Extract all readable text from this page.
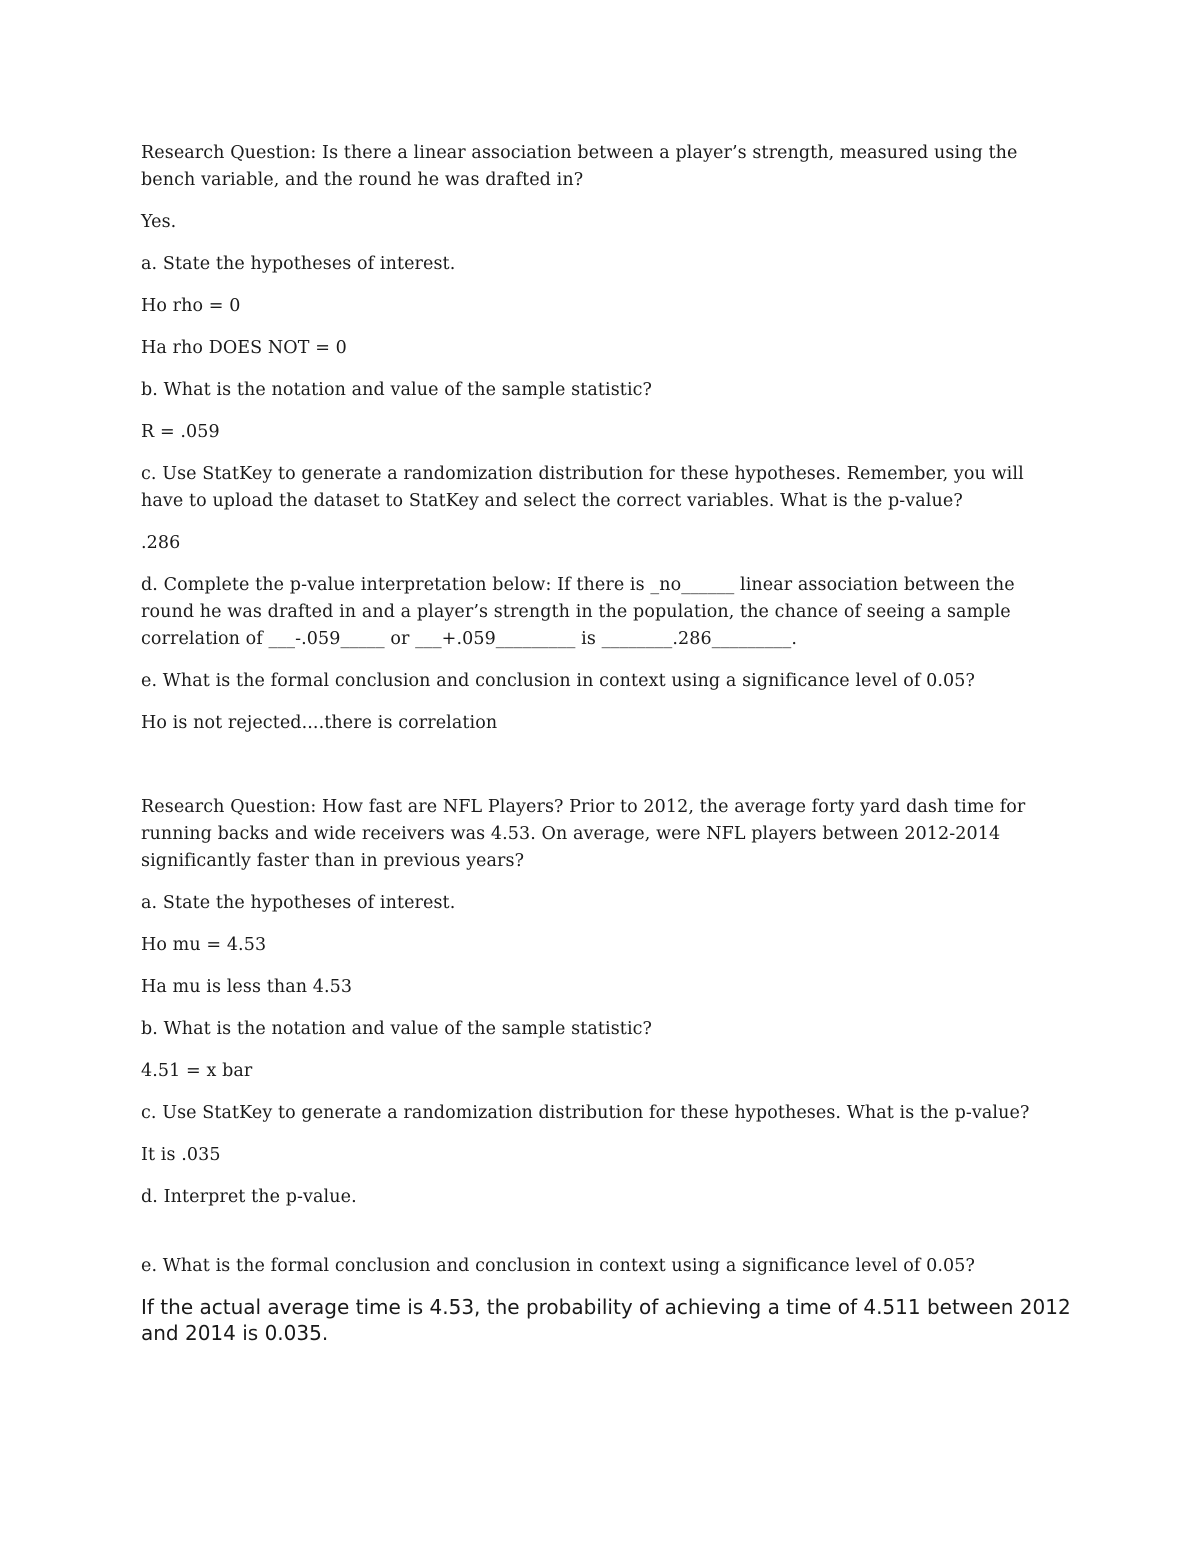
Research Question: Is there a linear association between a player’s strength, measured using the bench variable, and the round he was drafted in?

Yes.

a. State the hypotheses of interest.

Ho rho = 0

Ha rho DOES NOT = 0

b. What is the notation and value of the sample statistic?

R = .059

c. Use StatKey to generate a randomization distribution for these hypotheses. Remember, you will have to upload the dataset to StatKey and select the correct variables. What is the p-value?

.286

d. Complete the p-value interpretation below: If there is _no______ linear association between the round he was drafted in and a player’s strength in the population, the chance of seeing a sample correlation of ___-.059_____ or ___+.059_________ is ________.286_________.

e. What is the formal conclusion and conclusion in context using a significance level of 0.05?

Ho is not rejected....there is correlation

Research Question: How fast are NFL Players? Prior to 2012, the average forty yard dash time for running backs and wide receivers was 4.53. On average, were NFL players between 2012-2014 significantly faster than in previous years?

a. State the hypotheses of interest.

Ho mu = 4.53

Ha mu is less than 4.53

b. What is the notation and value of the sample statistic?

4.51 = x bar

c. Use StatKey to generate a randomization distribution for these hypotheses. What is the p-value?

It is .035

d. Interpret the p-value.

e. What is the formal conclusion and conclusion in context using a significance level of 0.05?

If the actual average time is 4.53, the probability of achieving a time of 4.511 between 2012 and 2014 is 0.035.
